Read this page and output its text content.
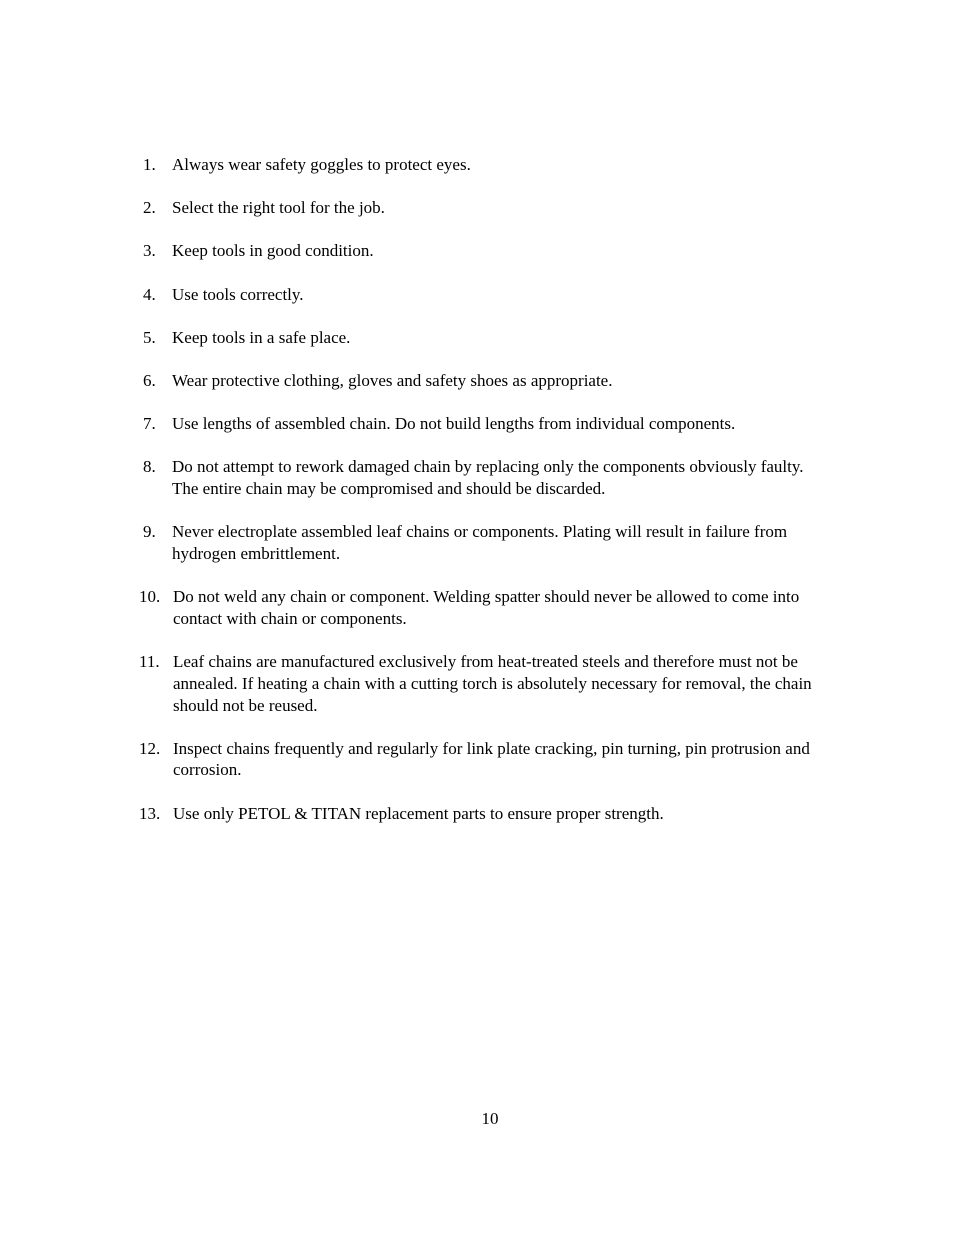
1. Always wear safety goggles to protect eyes.
2. Select the right tool for the job.
3. Keep tools in good condition.
4. Use tools correctly.
5. Keep tools in a safe place.
6. Wear protective clothing, gloves and safety shoes as appropriate.
7. Use lengths of assembled chain. Do not build lengths from individual components.
8. Do not attempt to rework damaged chain by replacing only the components obviously faulty. The entire chain may be compromised and should be discarded.
9. Never electroplate assembled leaf chains or components. Plating will result in failure from hydrogen embrittlement.
10. Do not weld any chain or component. Welding spatter should never be allowed to come into contact with chain or components.
11. Leaf chains are manufactured exclusively from heat-treated steels and therefore must not be annealed. If heating a chain with a cutting torch is absolutely necessary for removal, the chain should not be reused.
12. Inspect chains frequently and regularly for link plate cracking, pin turning, pin protrusion and corrosion.
13. Use only PETOL & TITAN replacement parts to ensure proper strength.
10
